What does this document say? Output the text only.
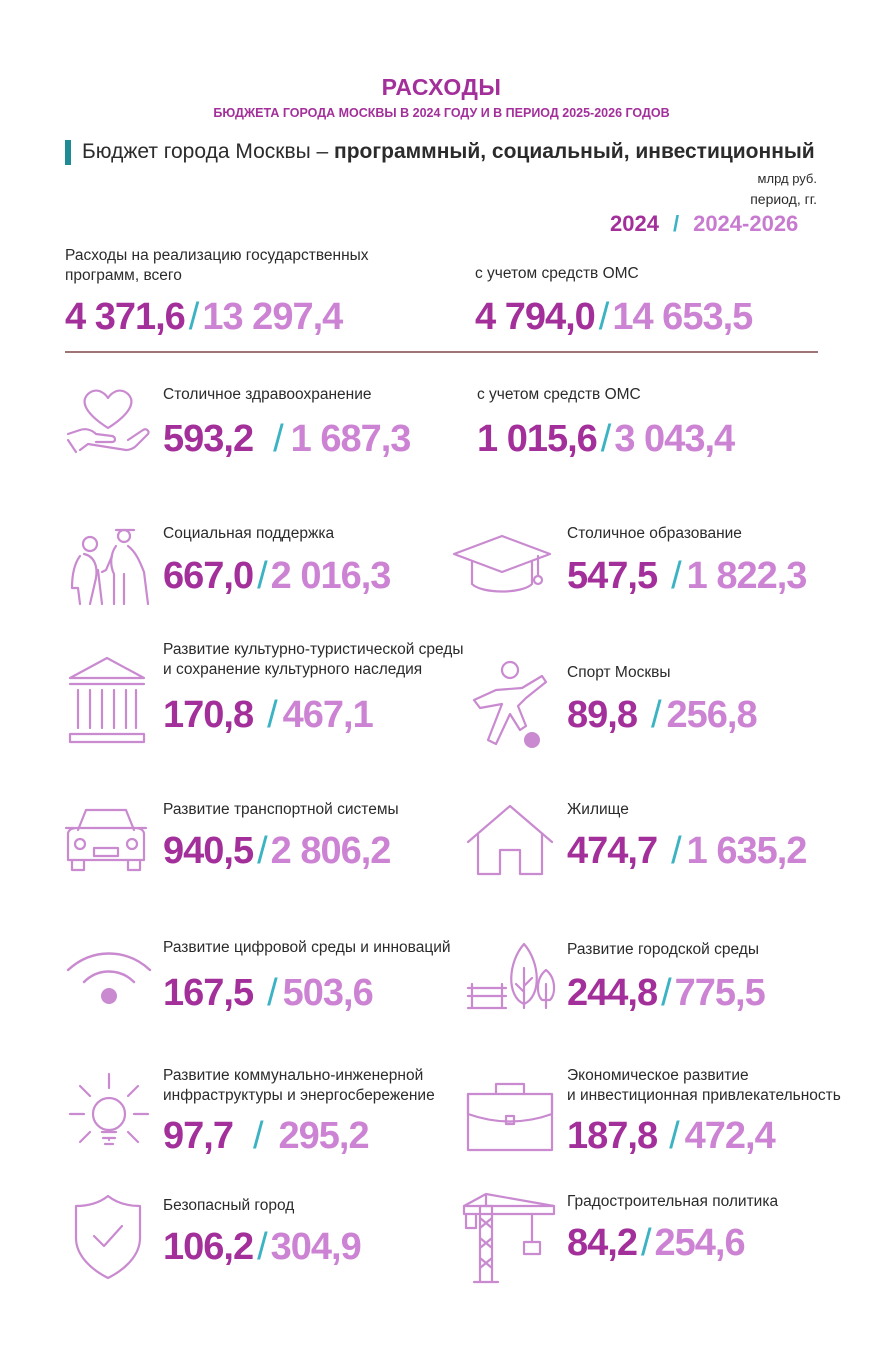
РАСХОДЫ
БЮДЖЕТА ГОРОДА МОСКВЫ В 2024 ГОДУ И В ПЕРИОД 2025-2026 ГОДОВ
Бюджет города Москвы – программный, социальный, инвестиционный
млрд руб.
период, гг.
2024 / 2024-2026
Расходы на реализацию государственных
программ, всего
4 371,6 / 13 297,4
с учетом средств ОМС
4 794,0 / 14 653,5
Столичное здравоохранение
593,2 / 1 687,3
с учетом средств ОМС
1 015,6 / 3 043,4
Социальная поддержка
667,0 / 2 016,3
Столичное образование
547,5 / 1 822,3
Развитие культурно-туристической среды
и сохранение культурного наследия
170,8 / 467,1
Спорт Москвы
89,8 / 256,8
Развитие транспортной системы
940,5 / 2 806,2
Жилище
474,7 / 1 635,2
Развитие цифровой среды и инноваций
167,5 / 503,6
Развитие городской среды
244,8 / 775,5
Развитие коммунально-инженерной
инфраструктуры и энергосбережение
97,7 / 295,2
Экономическое развитие
и инвестиционная привлекательность
187,8 / 472,4
Безопасный город
106,2 / 304,9
Градостроительная политика
84,2 / 254,6
